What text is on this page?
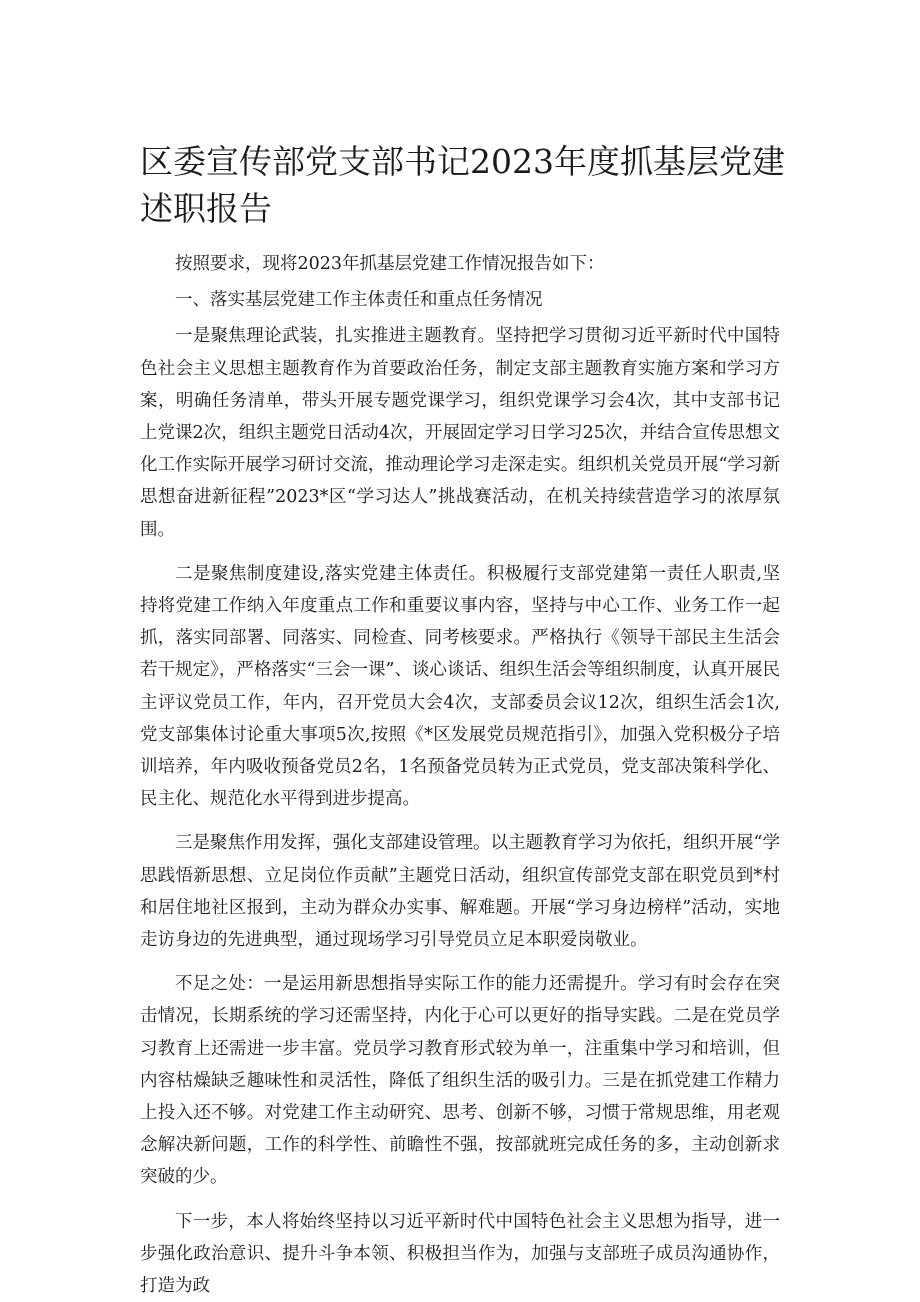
区委宣传部党支部书记2023年度抓基层党建述职报告

按照要求，现将2023年抓基层党建工作情况报告如下：

一、落实基层党建工作主体责任和重点任务情况

一是聚焦理论武装，扎实推进主题教育。坚持把学习贯彻习近平新时代中国特色社会主义思想主题教育作为首要政治任务，制定支部主题教育实施方案和学习方案，明确任务清单，带头开展专题党课学习，组织党课学习会4次，其中支部书记上党课2次，组织主题党日活动4次，开展固定学习日学习25次，并结合宣传思想文化工作实际开展学习研讨交流，推动理论学习走深走实。组织机关党员开展“学习新思想奋进新征程”2023*区“学习达人”挑战赛活动，在机关持续营造学习的浓厚氛围。

二是聚焦制度建设,落实党建主体责任。积极履行支部党建第一责任人职责,坚持将党建工作纳入年度重点工作和重要议事内容，坚持与中心工作、业务工作一起抓，落实同部署、同落实、同检查、同考核要求。严格执行《领导干部民主生活会若干规定》，严格落实“三会一课”、谈心谈话、组织生活会等组织制度，认真开展民主评议党员工作，年内，召开党员大会4次，支部委员会议12次，组织生活会1次,党支部集体讨论重大事项5次,按照《*区发展党员规范指引》，加强入党积极分子培训培养，年内吸收预备党员2名，1名预备党员转为正式党员，党支部决策科学化、民主化、规范化水平得到进步提高。

三是聚焦作用发挥，强化支部建设管理。以主题教育学习为依托，组织开展“学思践悟新思想、立足岗位作贡献”主题党日活动，组织宣传部党支部在职党员到*村和居住地社区报到，主动为群众办实事、解难题。开展“学习身边榜样”活动，实地走访身边的先进典型，通过现场学习引导党员立足本职爱岗敬业。

不足之处：一是运用新思想指导实际工作的能力还需提升。学习有时会存在突击情况，长期系统的学习还需坚持，内化于心可以更好的指导实践。二是在党员学习教育上还需进一步丰富。党员学习教育形式较为单一，注重集中学习和培训，但内容枯燥缺乏趣味性和灵活性，降低了组织生活的吸引力。三是在抓党建工作精力上投入还不够。对党建工作主动研究、思考、创新不够，习惯于常规思维，用老观念解决新问题，工作的科学性、前瞻性不强，按部就班完成任务的多，主动创新求突破的少。

下一步，本人将始终坚持以习近平新时代中国特色社会主义思想为指导，进一步强化政治意识、提升斗争本领、积极担当作为，加强与支部班子成员沟通协作，打造为政
